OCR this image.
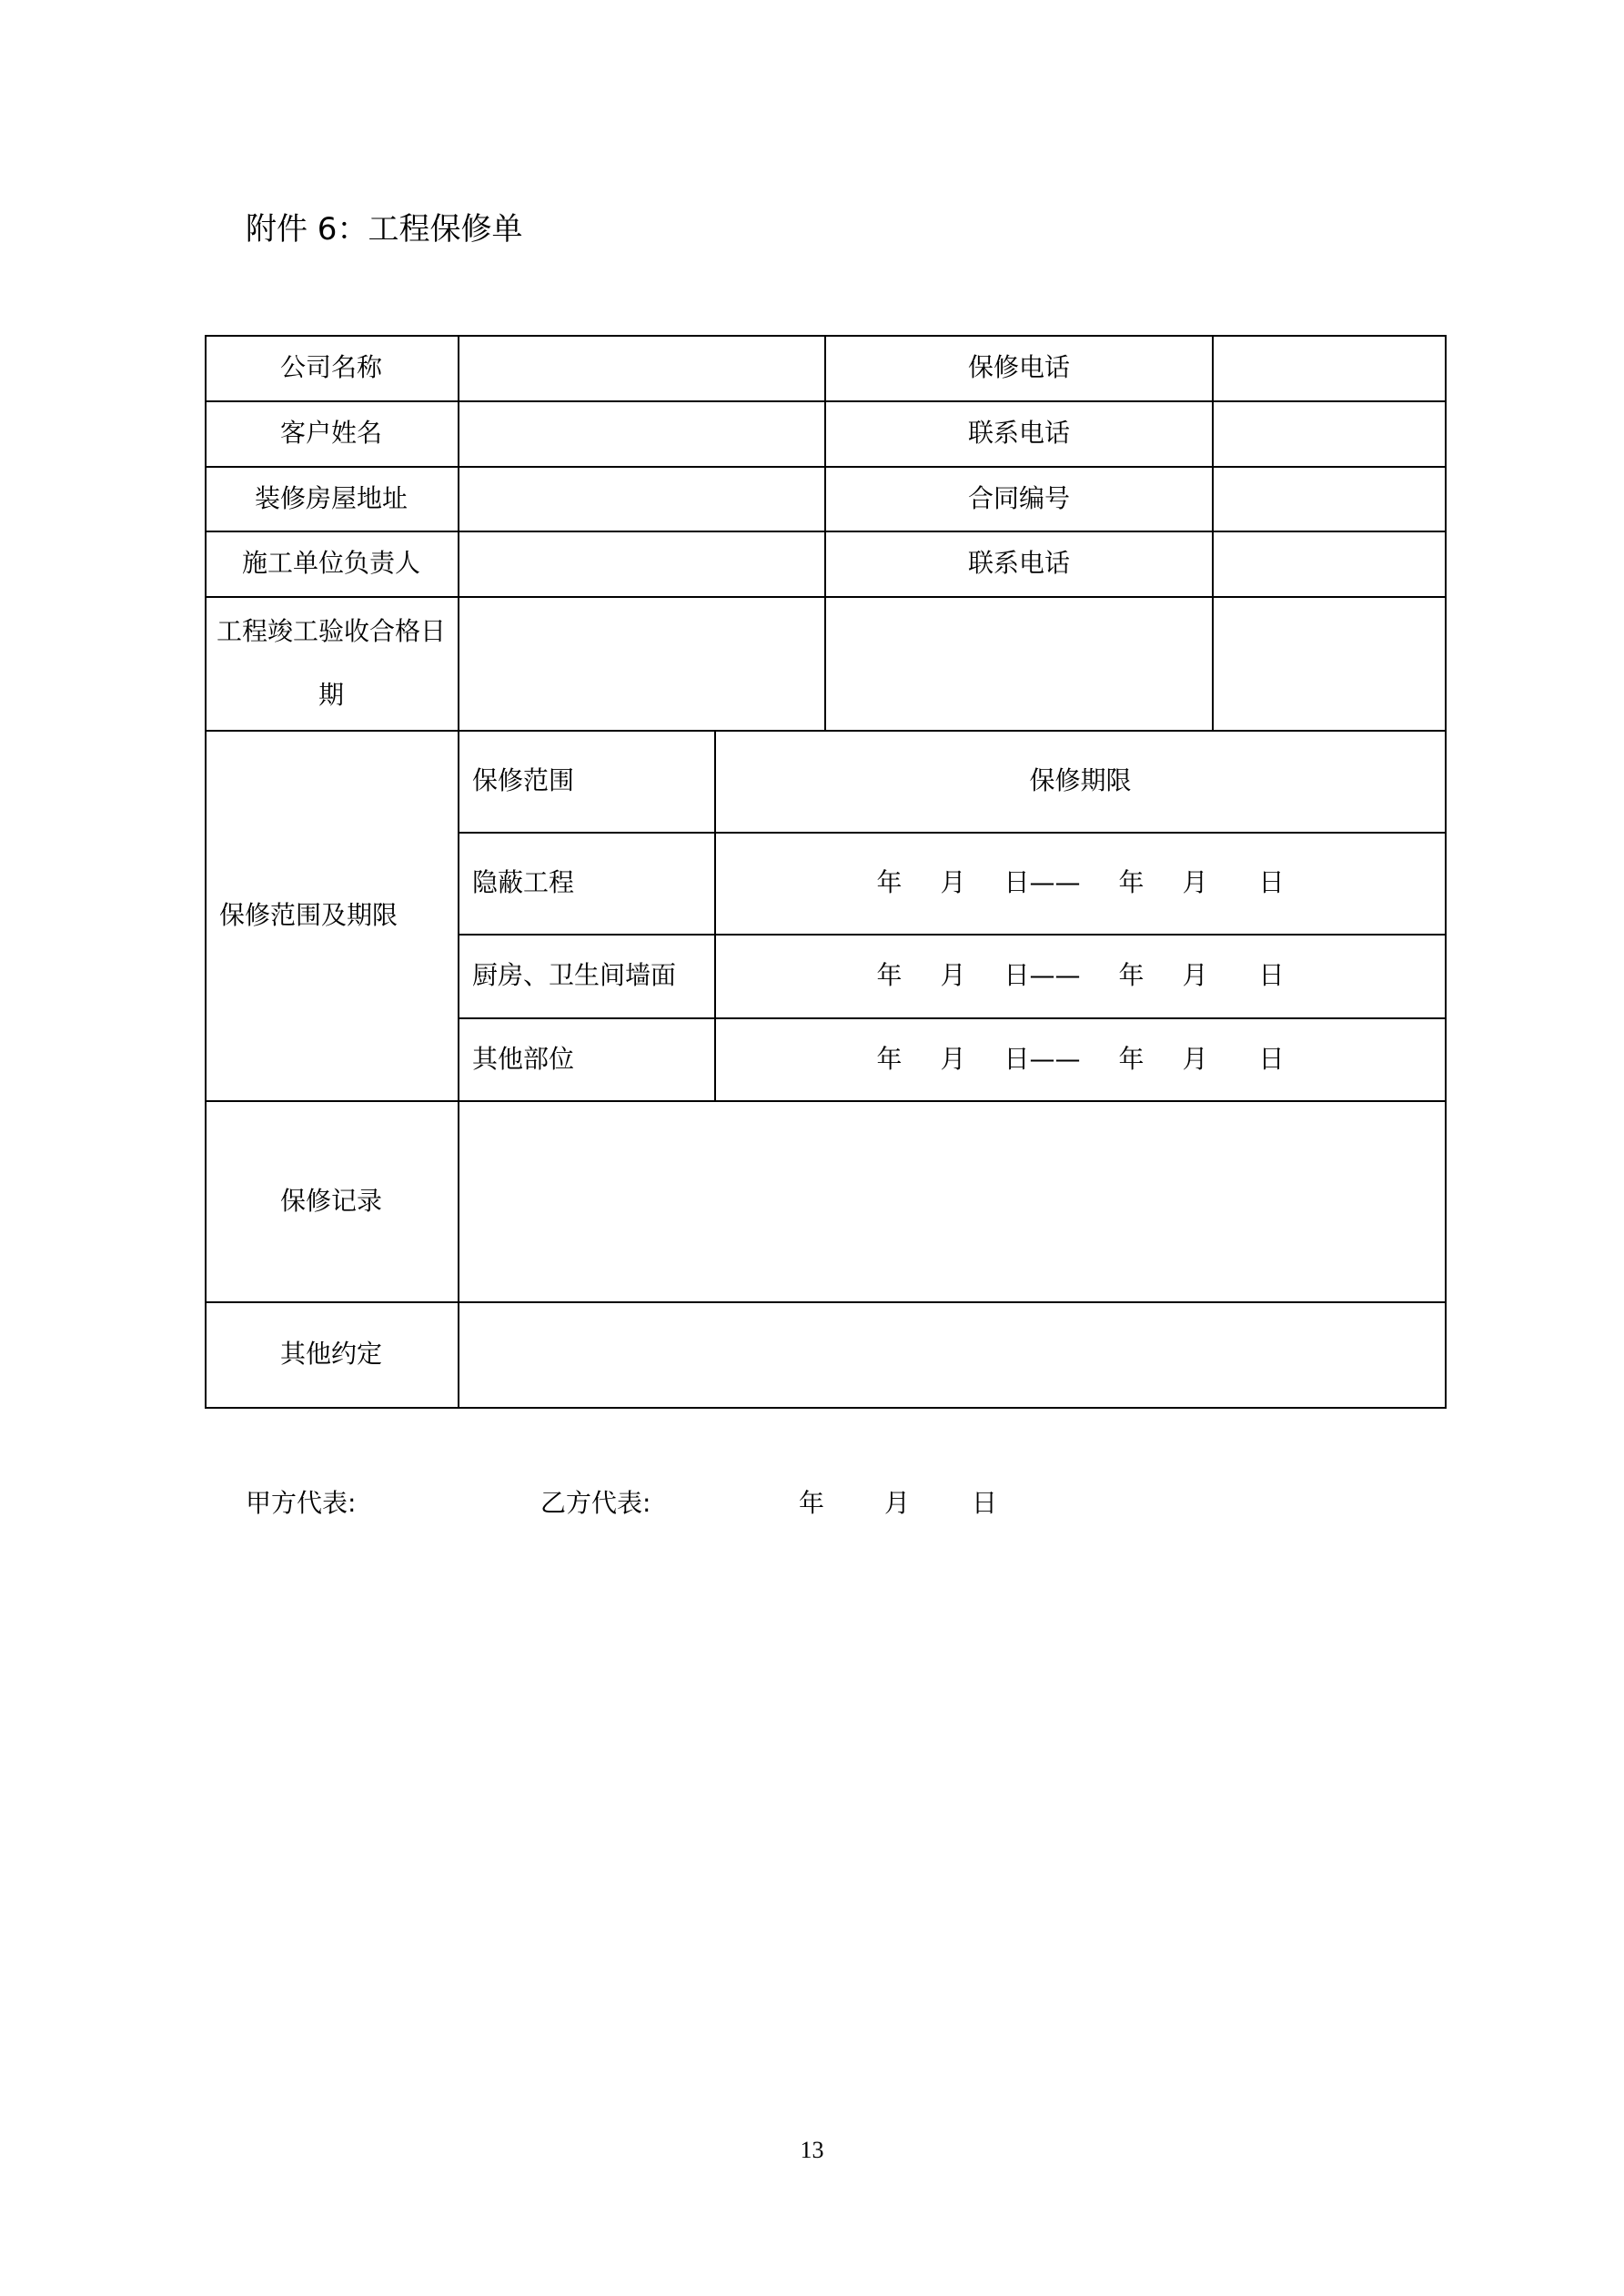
附件 6：工程保修单
公司名称	保修电话
客户姓名	联系电话
装修房屋地址	合同编号
施工单位负责人	联系电话
工程竣工验收合格日
期
保修范围及期限
保修范围	保修期限
隐蔽工程	年 月 日 —— 年 月 日
厨房、卫生间墙面	年 月 日 —— 年 月 日
其他部位	年 月 日 —— 年 月 日
保修记录
其他约定
甲方代表:	乙方代表:	年 月 日
13
